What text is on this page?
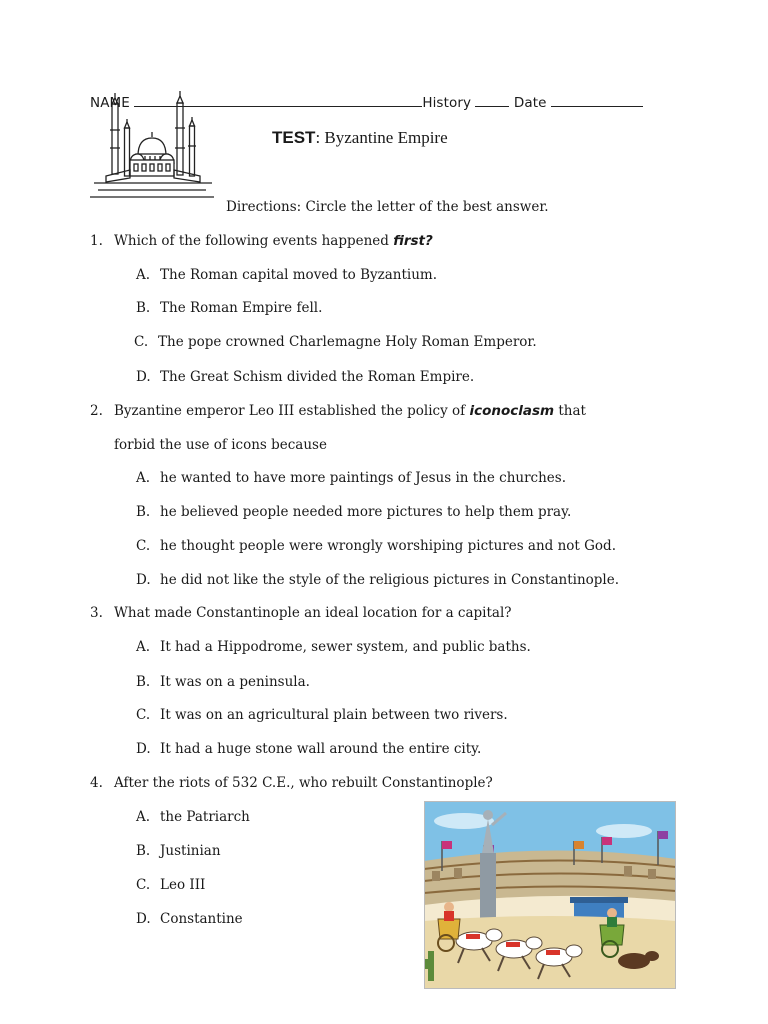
NAME	History	Date
TEST: Byzantine Empire
Directions: Circle the letter of the best answer.
1. Which of the following events happened first?
A. The Roman capital moved to Byzantium.
B. The Roman Empire fell.
C. The pope crowned Charlemagne Holy Roman Emperor.
D. The Great Schism divided the Roman Empire.
2. Byzantine emperor Leo III established the policy of iconoclasm that
forbid the use of icons because
A. he wanted to have more paintings of Jesus in the churches.
B. he believed people needed more pictures to help them pray.
C. he thought people were wrongly worshiping pictures and not God.
D. he did not like the style of the religious pictures in Constantinople.
3. What made Constantinople an ideal location for a capital?
A. It had a Hippodrome, sewer system, and public baths.
B. It was on a peninsula.
C. It was on an agricultural plain between two rivers.
D. It had a huge stone wall around the entire city.
4. After the riots of 532 C.E., who rebuilt Constantinople?
A. the Patriarch
B. Justinian
C. Leo III
D. Constantine
